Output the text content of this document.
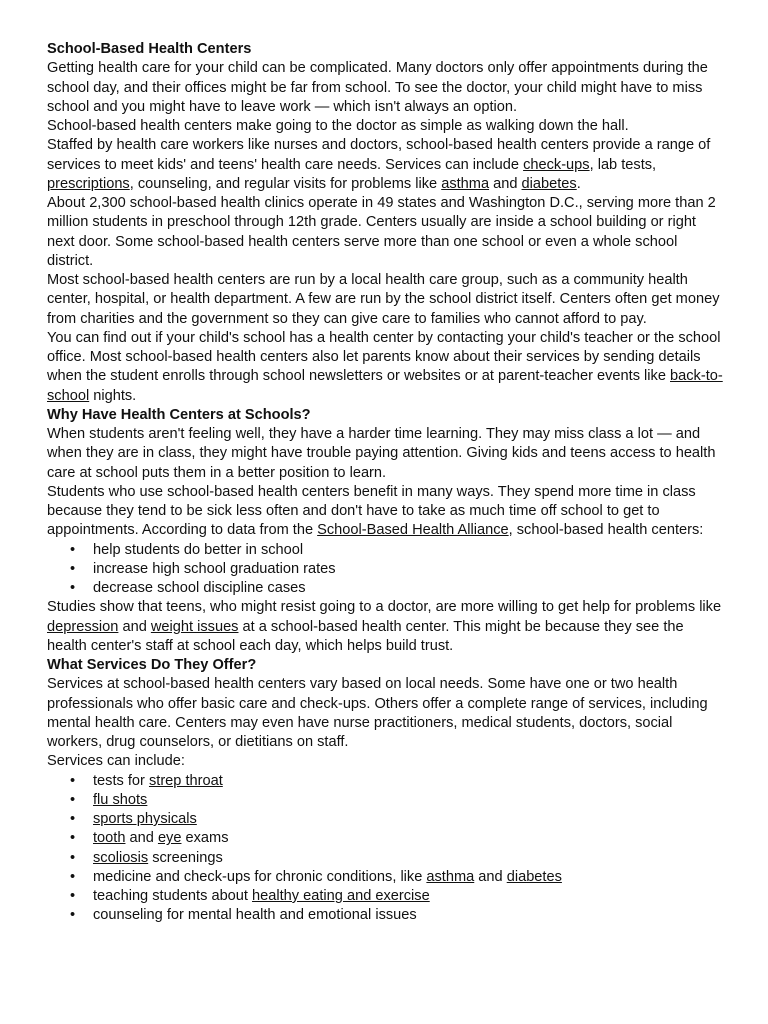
School-Based Health Centers

Getting health care for your child can be complicated. Many doctors only offer appointments during the school day, and their offices might be far from school. To see the doctor, your child might have to miss school and you might have to leave work — which isn't always an option.

School-based health centers make going to the doctor as simple as walking down the hall.

Staffed by health care workers like nurses and doctors, school-based health centers provide a range of services to meet kids' and teens' health care needs. Services can include check-ups, lab tests, prescriptions, counseling, and regular visits for problems like asthma and diabetes.

About 2,300 school-based health clinics operate in 49 states and Washington D.C., serving more than 2 million students in preschool through 12th grade. Centers usually are inside a school building or right next door. Some school-based health centers serve more than one school or even a whole school district.

Most school-based health centers are run by a local health care group, such as a community health center, hospital, or health department. A few are run by the school district itself. Centers often get money from charities and the government so they can give care to families who cannot afford to pay.

You can find out if your child's school has a health center by contacting your child's teacher or the school office. Most school-based health centers also let parents know about their services by sending details when the student enrolls through school newsletters or websites or at parent-teacher events like back-to-school nights.

Why Have Health Centers at Schools?

When students aren't feeling well, they have a harder time learning. They may miss class a lot — and when they are in class, they might have trouble paying attention. Giving kids and teens access to health care at school puts them in a better position to learn.

Students who use school-based health centers benefit in many ways. They spend more time in class because they tend to be sick less often and don't have to take as much time off school to get to appointments. According to data from the School-Based Health Alliance, school-based health centers:

• help students do better in school
• increase high school graduation rates
• decrease school discipline cases

Studies show that teens, who might resist going to a doctor, are more willing to get help for problems like depression and weight issues at a school-based health center. This might be because they see the health center's staff at school each day, which helps build trust.

What Services Do They Offer?

Services at school-based health centers vary based on local needs. Some have one or two health professionals who offer basic care and check-ups. Others offer a complete range of services, including mental health care. Centers may even have nurse practitioners, medical students, doctors, social workers, drug counselors, or dietitians on staff.

Services can include:

• tests for strep throat
• flu shots
• sports physicals
• tooth and eye exams
• scoliosis screenings
• medicine and check-ups for chronic conditions, like asthma and diabetes
• teaching students about healthy eating and exercise
• counseling for mental health and emotional issues
